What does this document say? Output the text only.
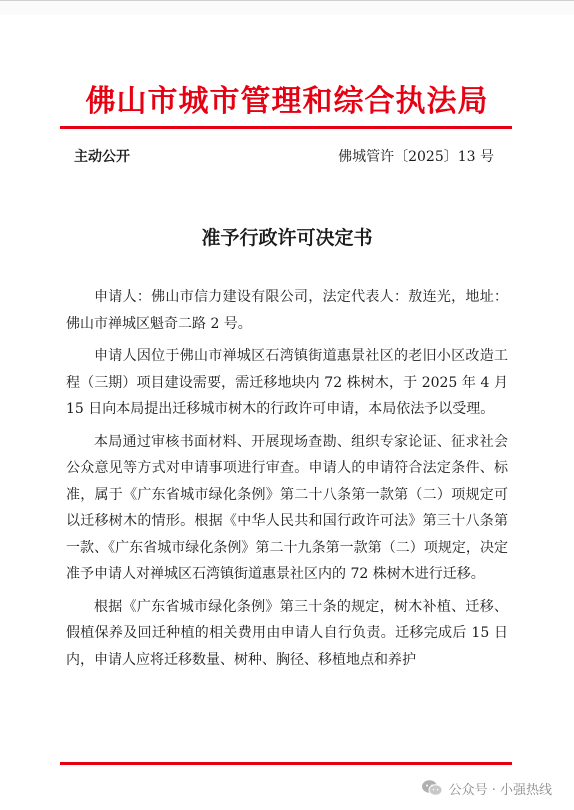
佛山市城市管理和综合执法局
主动公开	佛城管许〔2025〕13 号
准予行政许可决定书

申请人：佛山市信力建设有限公司，法定代表人：敖连光，地址：佛山市禅城区魁奇二路 2 号。

申请人因位于佛山市禅城区石湾镇街道惠景社区的老旧小区改造工程（三期）项目建设需要，需迁移地块内 72 株树木，于 2025 年 4 月 15 日向本局提出迁移城市树木的行政许可申请，本局依法予以受理。

本局通过审核书面材料、开展现场查勘、组织专家论证、征求社会公众意见等方式对申请事项进行审查。申请人的申请符合法定条件、标准，属于《广东省城市绿化条例》第二十八条第一款第（二）项规定可以迁移树木的情形。根据《中华人民共和国行政许可法》第三十八条第一款、《广东省城市绿化条例》第二十九条第一款第（二）项规定，决定准予申请人对禅城区石湾镇街道惠景社区内的 72 株树木进行迁移。

根据《广东省城市绿化条例》第三十条的规定，树木补植、迁移、假植保养及回迁种植的相关费用由申请人自行负责。迁移完成后 15 日内，申请人应将迁移数量、树种、胸径、移植地点和养护

公众号 · 小强热线
